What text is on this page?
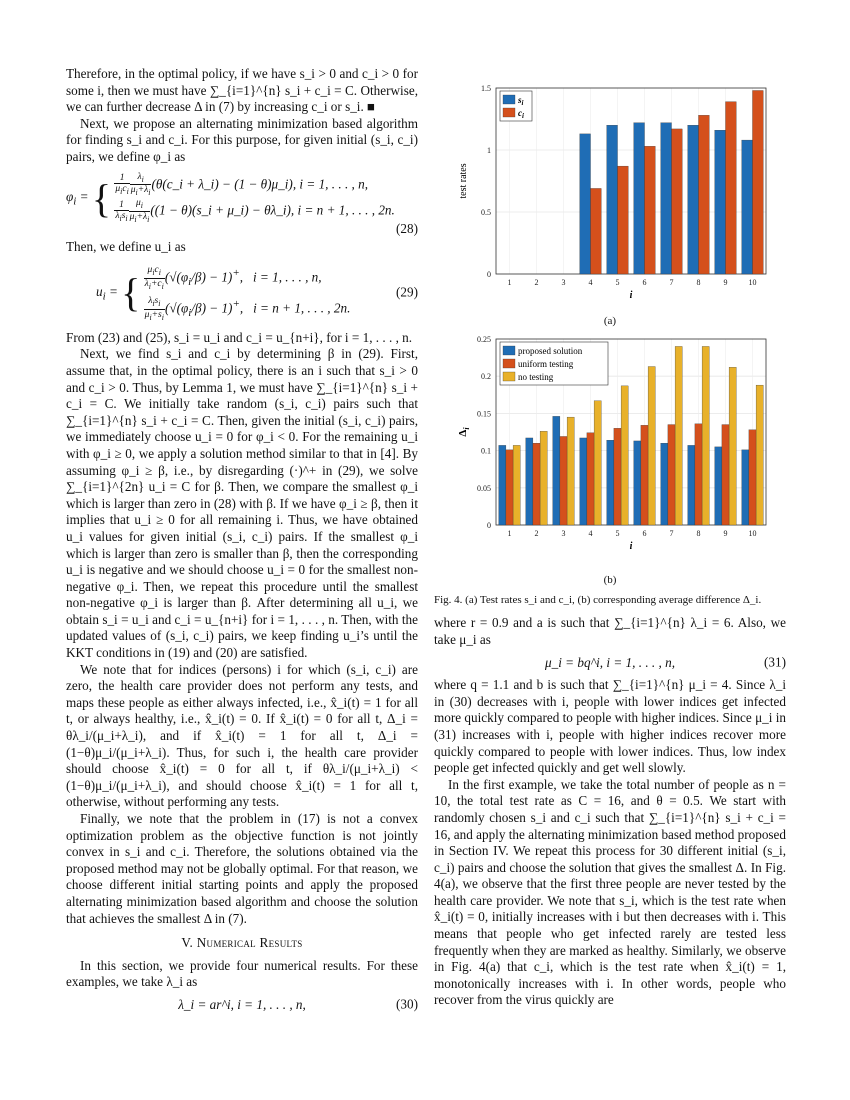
Therefore, in the optimal policy, if we have s_i > 0 and c_i > 0 for some i, then we must have ∑_{i=1}^{n} s_i + c_i = C. Otherwise, we can further decrease Δ in (7) by increasing c_i or s_i. ■

Next, we propose an alternating minimization based algorithm for finding s_i and c_i. For this purpose, for given initial (s_i, c_i) pairs, we define φ_i as

$\varphi_i$ = { $\frac{1}{\mu_ic_i} \frac{\lambda_i}{\mu_i+\lambda_i}$ (θ(c_i + λ_i) − (1 − θ)μ_i), i = 1, . . . , n,
$\frac{1}{\lambda_is_i} \frac{\mu_i}{\mu_i+\lambda_i} ((1$ − θ)(s_i + μ_i) − θλ_i), i = n + 1, . . . , 2n.
(28)

Then, we define u_i as

$u_i$ = { $\frac{\mu_ic_i}{\lambda_i+c_i} (√(\varphi_i/\beta) - 1)^+$,   i = 1, . . . , n,
$\frac{\lambda_is_i}{\mu_i+s_i} (√(\varphi_i/\beta) - 1)^+$,   i = n + 1, . . . , 2n.
(29)

From (23) and (25), s_i = u_i and c_i = u_{n+i}, for i = 1, . . . , n.

Next, we find s_i and c_i by determining β in (29). First, assume that, in the optimal policy, there is an i such that s_i > 0 and c_i > 0. Thus, by Lemma 1, we must have ∑_{i=1}^{n} s_i + c_i = C. We initially take random (s_i, c_i) pairs such that ∑_{i=1}^{n} s_i + c_i = C. Then, given the initial (s_i, c_i) pairs, we immediately choose u_i = 0 for φ_i < 0. For the remaining u_i with φ_i ≥ 0, we apply a solution method similar to that in [4]. By assuming φ_i ≥ β, i.e., by disregarding (·)^+ in (29), we solve ∑_{i=1}^{2n} u_i = C for β. Then, we compare the smallest φ_i which is larger than zero in (28) with β. If we have φ_i ≥ β, then it implies that u_i ≥ 0 for all remaining i. Thus, we have obtained u_i values for given initial (s_i, c_i) pairs. If the smallest φ_i which is larger than zero is smaller than β, then the corresponding u_i is negative and we should choose u_i = 0 for the smallest non-negative φ_i. Then, we repeat this procedure until the smallest non-negative φ_i is larger than β. After determining all u_i, we obtain s_i = u_i and c_i = u_{n+i} for i = 1, . . . , n. Then, with the updated values of (s_i, c_i) pairs, we keep finding u_i’s until the KKT conditions in (19) and (20) are satisfied.

We note that for indices (persons) i for which (s_i, c_i) are zero, the health care provider does not perform any tests, and maps these people as either always infected, i.e., x̂_i(t) = 1 for all t, or always healthy, i.e., x̂_i(t) = 0. If x̂_i(t) = 0 for all t, Δ_i = θλ_i/(μ_i+λ_i), and if x̂_i(t) = 1 for all t, Δ_i = (1−θ)μ_i/(μ_i+λ_i). Thus, for such i, the health care provider should choose x̂_i(t) = 0 for all t, if θλ_i/(μ_i+λ_i) < (1−θ)μ_i/(μ_i+λ_i), and should choose x̂_i(t) = 1 for all t, otherwise, without performing any tests.

Finally, we note that the problem in (17) is not a convex optimization problem as the objective function is not jointly convex in s_i and c_i. Therefore, the solutions obtained via the proposed method may not be globally optimal. For that reason, we choose different initial starting points and apply the proposed alternating minimization based algorithm and choose the solution that achieves the smallest Δ in (7).

V. Numerical Results

In this section, we provide four numerical results. For these examples, we take λ_i as

λ_i = ar^i, i = 1, . . . , n,	(30)
0
0.5
1
1.5
1	2	3	4	5	6	7	8	9	10
i
test rates
$s_i$
$c_i$
(a)
0
0.05
0.1
0.15
0.2
0.25
1	2	3	4	5	6	7	8	9	10
i
$\Delta_i$
proposed solution
uniform testing
no testing
(b)
Fig. 4. (a) Test rates s_i and c_i, (b) corresponding average difference Δ_i.

where r = 0.9 and a is such that ∑_{i=1}^{n} λ_i = 6. Also, we take μ_i as

μ_i = bq^i, i = 1, . . . , n,	(31)

where q = 1.1 and b is such that ∑_{i=1}^{n} μ_i = 4. Since λ_i in (30) decreases with i, people with lower indices get infected more quickly compared to people with higher indices. Since μ_i in (31) increases with i, people with higher indices recover more quickly compared to people with lower indices. Thus, low index people get infected quickly and get well slowly.

In the first example, we take the total number of people as n = 10, the total test rate as C = 16, and θ = 0.5. We start with randomly chosen s_i and c_i such that ∑_{i=1}^{n} s_i + c_i = 16, and apply the alternating minimization based method proposed in Section IV. We repeat this process for 30 different initial (s_i, c_i) pairs and choose the solution that gives the smallest Δ. In Fig. 4(a), we observe that the first three people are never tested by the health care provider. We note that s_i, which is the test rate when x̂_i(t) = 0, initially increases with i but then decreases with i. This means that people who get infected rarely are tested less frequently when they are marked as healthy. Similarly, we observe in Fig. 4(a) that c_i, which is the test rate when x̂_i(t) = 1, monotonically increases with i. In other words, people who recover from the virus quickly are
